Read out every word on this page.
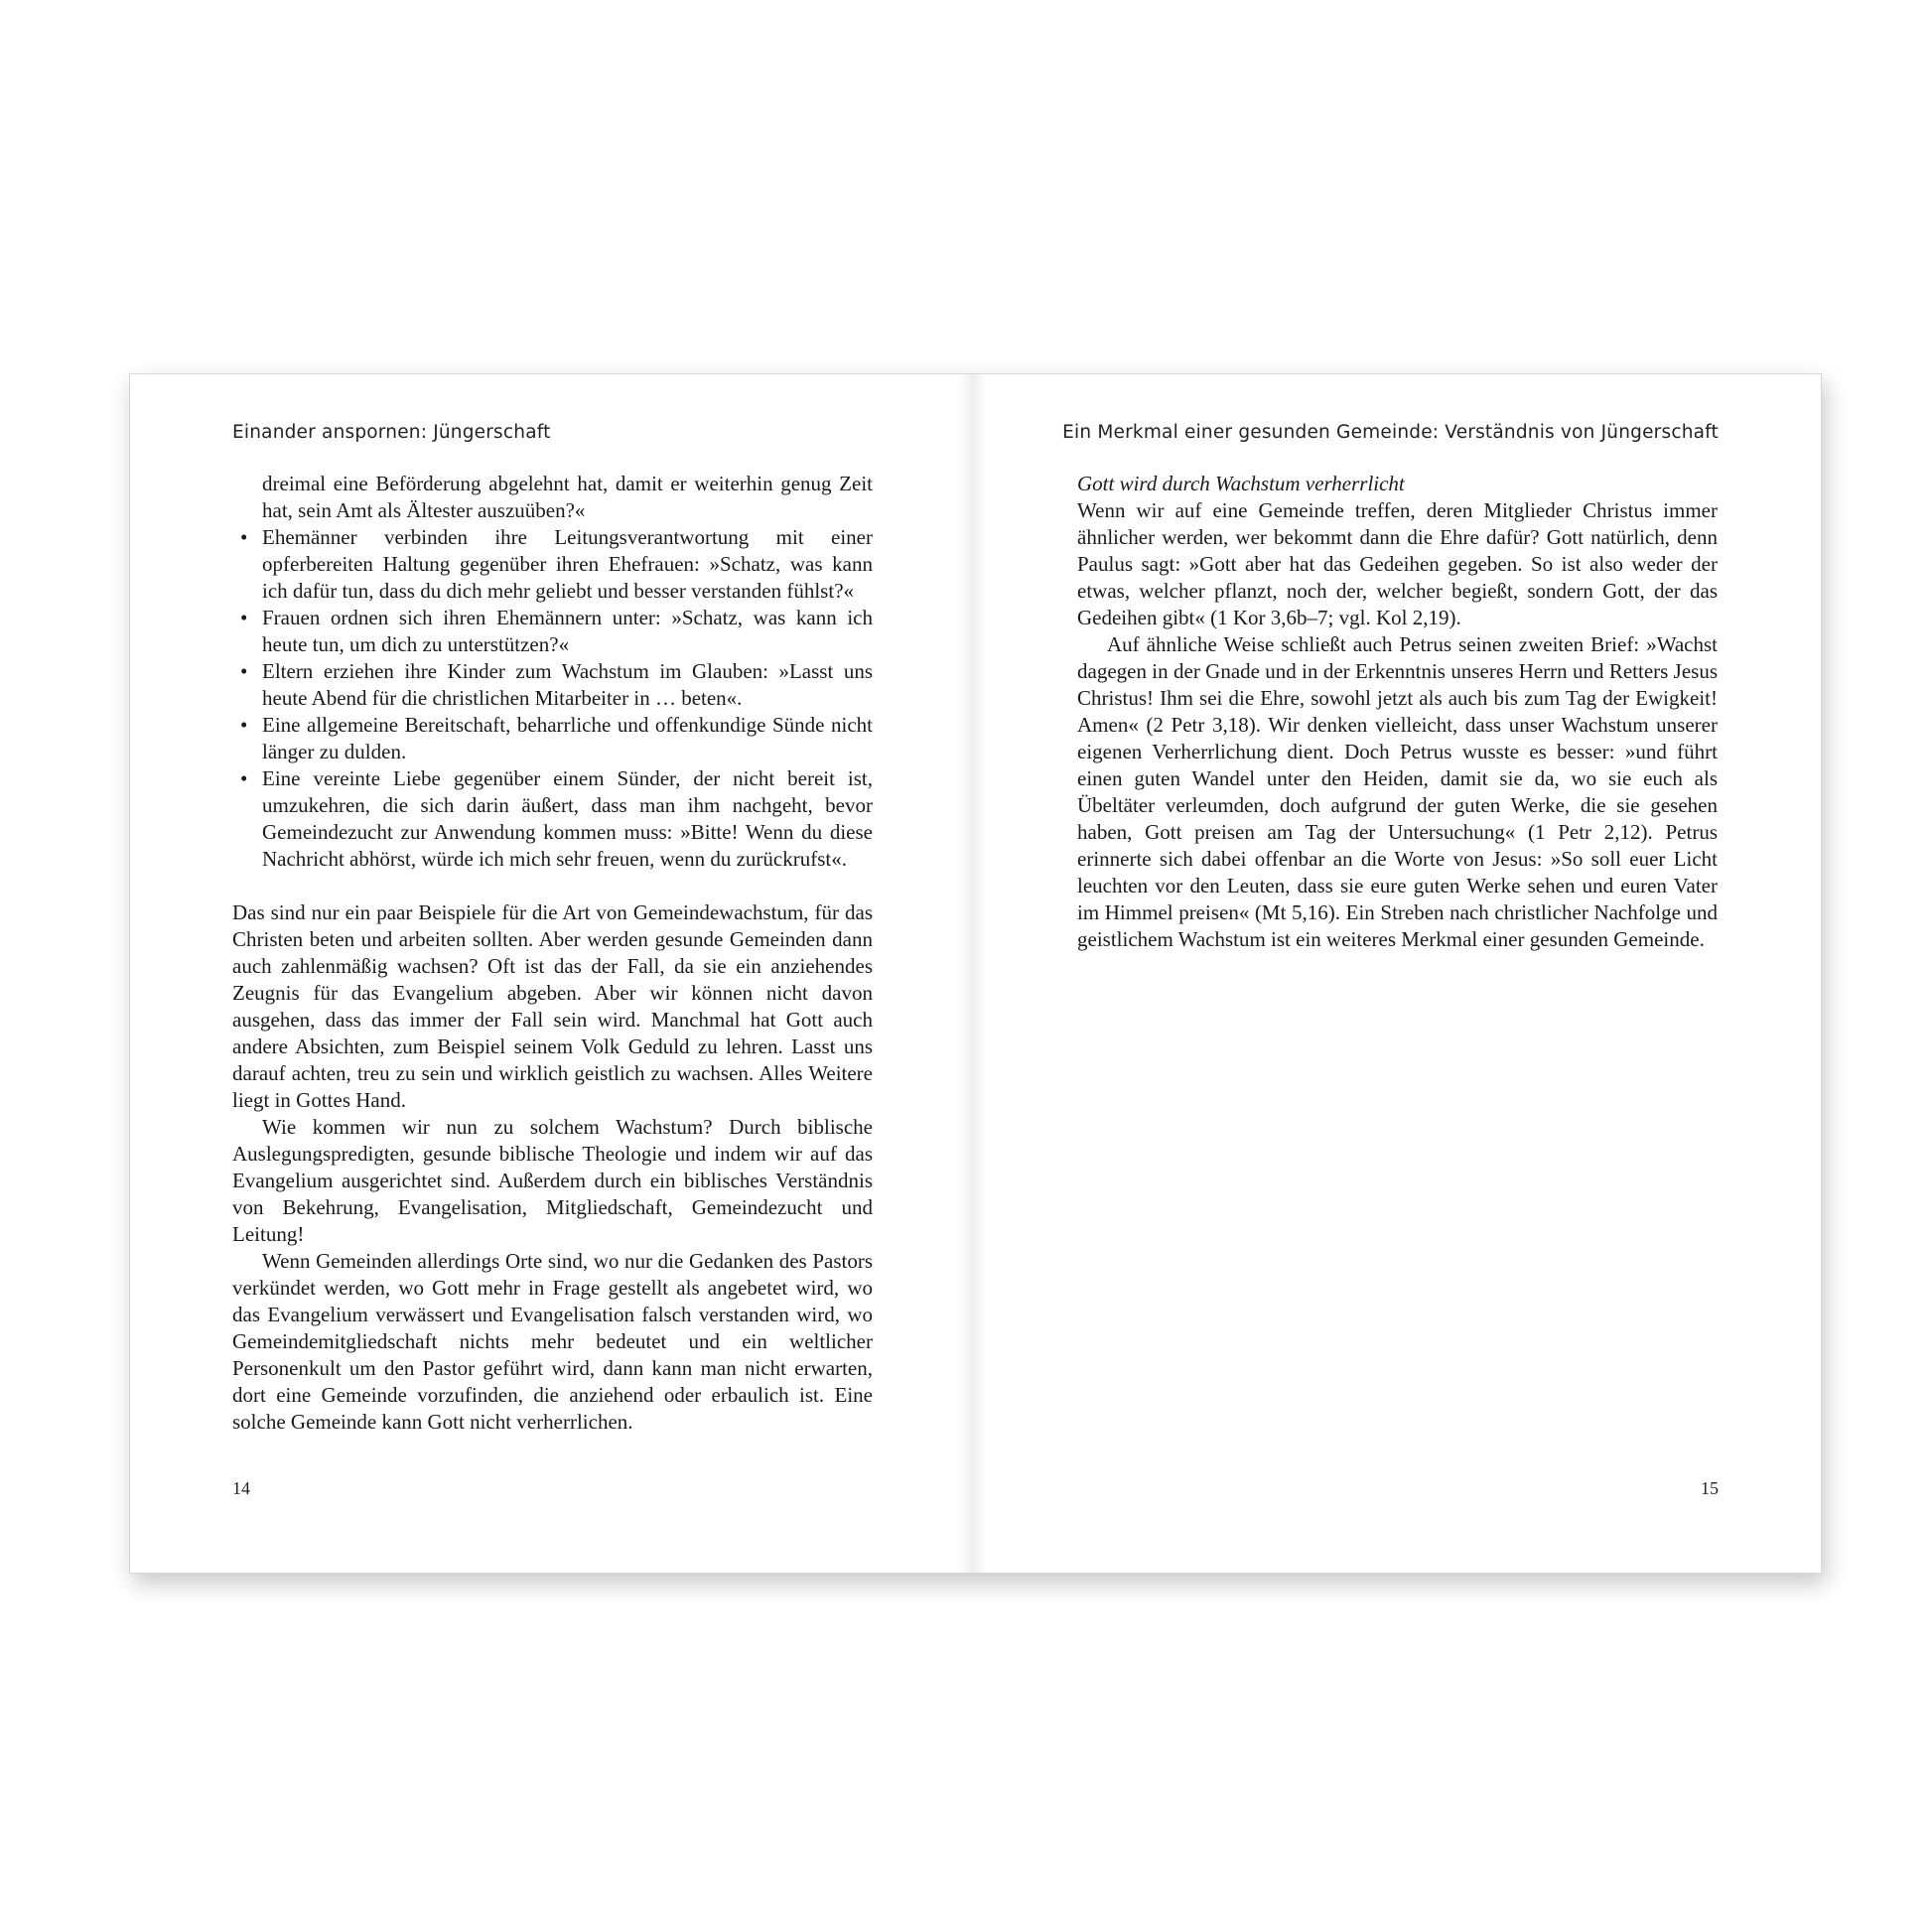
Einander anspornen: Jüngerschaft

dreimal eine Beförderung abgelehnt hat, damit er weiterhin genug Zeit hat, sein Amt als Ältester auszuüben?«

• Ehemänner verbinden ihre Leitungsverantwortung mit einer opferbereiten Haltung gegenüber ihren Ehefrauen: »Schatz, was kann ich dafür tun, dass du dich mehr geliebt und besser verstanden fühlst?«
• Frauen ordnen sich ihren Ehemännern unter: »Schatz, was kann ich heute tun, um dich zu unterstützen?«
• Eltern erziehen ihre Kinder zum Wachstum im Glauben: »Lasst uns heute Abend für die christlichen Mitarbeiter in … beten«.
• Eine allgemeine Bereitschaft, beharrliche und offenkundige Sünde nicht länger zu dulden.
• Eine vereinte Liebe gegenüber einem Sünder, der nicht bereit ist, umzukehren, die sich darin äußert, dass man ihm nachgeht, bevor Gemeindezucht zur Anwendung kommen muss: »Bitte! Wenn du diese Nachricht abhörst, würde ich mich sehr freuen, wenn du zurückrufst«.

Das sind nur ein paar Beispiele für die Art von Gemeindewachstum, für das Christen beten und arbeiten sollten. Aber werden gesunde Gemeinden dann auch zahlenmäßig wachsen? Oft ist das der Fall, da sie ein anziehendes Zeugnis für das Evangelium abgeben. Aber wir können nicht davon ausgehen, dass das immer der Fall sein wird. Manchmal hat Gott auch andere Absichten, zum Beispiel seinem Volk Geduld zu lehren. Lasst uns darauf achten, treu zu sein und wirklich geistlich zu wachsen. Alles Weitere liegt in Gottes Hand.

Wie kommen wir nun zu solchem Wachstum? Durch biblische Auslegungspredigten, gesunde biblische Theologie und indem wir auf das Evangelium ausgerichtet sind. Außerdem durch ein biblisches Verständnis von Bekehrung, Evangelisation, Mitgliedschaft, Gemeindezucht und Leitung!

Wenn Gemeinden allerdings Orte sind, wo nur die Gedanken des Pastors verkündet werden, wo Gott mehr in Frage gestellt als angebetet wird, wo das Evangelium verwässert und Evangelisation falsch verstanden wird, wo Gemeindemitgliedschaft nichts mehr bedeutet und ein weltlicher Personenkult um den Pastor geführt wird, dann kann man nicht erwarten, dort eine Gemeinde vorzufinden, die anziehend oder erbaulich ist. Eine solche Gemeinde kann Gott nicht verherrlichen.

14
Ein Merkmal einer gesunden Gemeinde: Verständnis von Jüngerschaft

Gott wird durch Wachstum verherrlicht

Wenn wir auf eine Gemeinde treffen, deren Mitglieder Christus immer ähnlicher werden, wer bekommt dann die Ehre dafür? Gott natürlich, denn Paulus sagt: »Gott aber hat das Gedeihen gegeben. So ist also weder der etwas, welcher pflanzt, noch der, welcher begießt, sondern Gott, der das Gedeihen gibt« (1 Kor 3,6b–7; vgl. Kol 2,19).

Auf ähnliche Weise schließt auch Petrus seinen zweiten Brief: »Wachst dagegen in der Gnade und in der Erkenntnis unseres Herrn und Retters Jesus Christus! Ihm sei die Ehre, sowohl jetzt als auch bis zum Tag der Ewigkeit! Amen« (2 Petr 3,18). Wir denken vielleicht, dass unser Wachstum unserer eigenen Verherrlichung dient. Doch Petrus wusste es besser: »und führt einen guten Wandel unter den Heiden, damit sie da, wo sie euch als Übeltäter verleumden, doch aufgrund der guten Werke, die sie gesehen haben, Gott preisen am Tag der Untersuchung« (1 Petr 2,12). Petrus erinnerte sich dabei offenbar an die Worte von Jesus: »So soll euer Licht leuchten vor den Leuten, dass sie eure guten Werke sehen und euren Vater im Himmel preisen« (Mt 5,16). Ein Streben nach christlicher Nachfolge und geistlichem Wachstum ist ein weiteres Merkmal einer gesunden Gemeinde.

15
